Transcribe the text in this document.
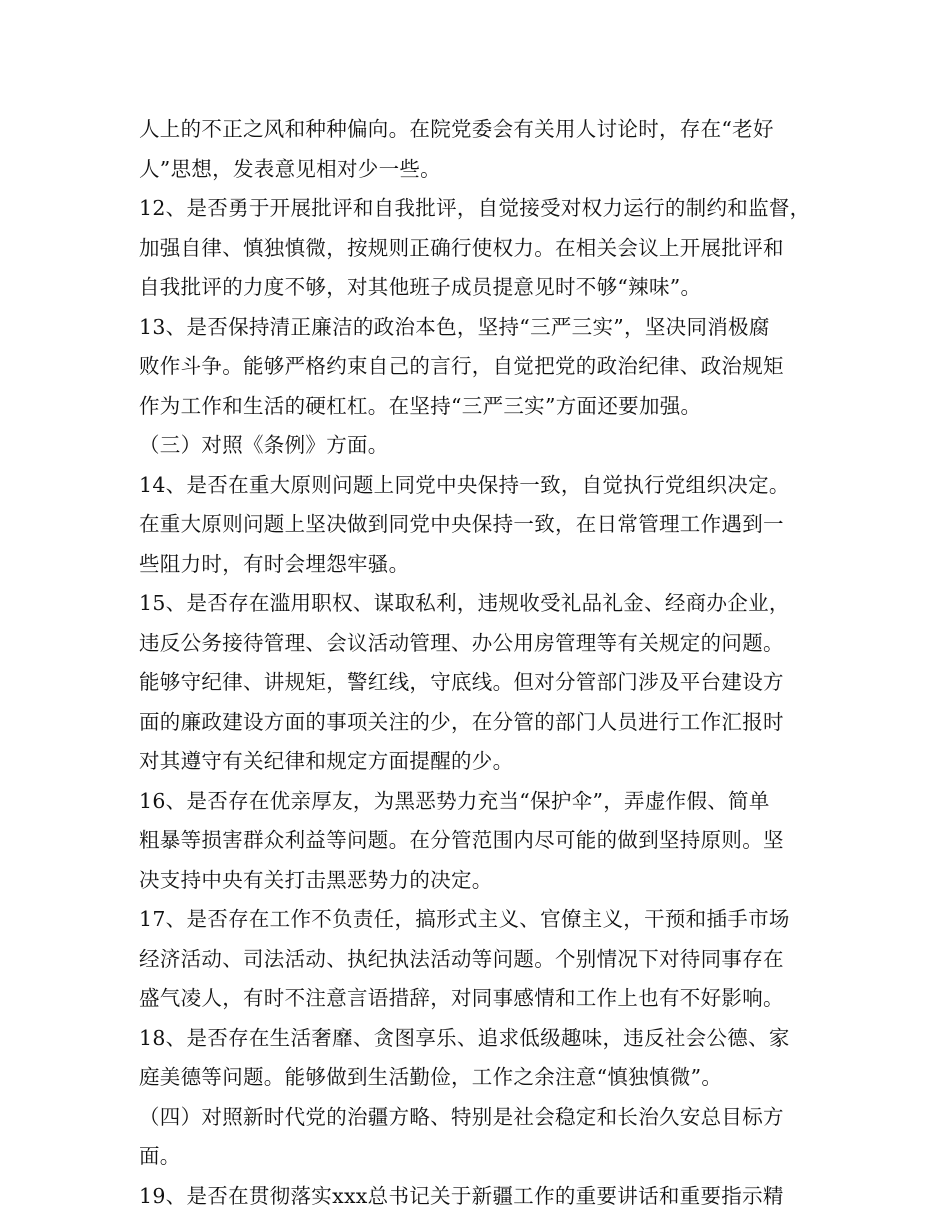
人上的不正之风和种种偏向。在院党委会有关用人讨论时，存在“老好
人”思想，发表意见相对少一些。
12、是否勇于开展批评和自我批评，自觉接受对权力运行的制约和监督，
加强自律、慎独慎微，按规则正确行使权力。在相关会议上开展批评和
自我批评的力度不够，对其他班子成员提意见时不够“辣味”。
13、是否保持清正廉洁的政治本色，坚持“三严三实”，坚决同消极腐
败作斗争。能够严格约束自己的言行，自觉把党的政治纪律、政治规矩
作为工作和生活的硬杠杠。在坚持“三严三实”方面还要加强。
（三）对照《条例》方面。
14、是否在重大原则问题上同党中央保持一致，自觉执行党组织决定。
在重大原则问题上坚决做到同党中央保持一致，在日常管理工作遇到一
些阻力时，有时会埋怨牢骚。
15、是否存在滥用职权、谋取私利，违规收受礼品礼金、经商办企业，
违反公务接待管理、会议活动管理、办公用房管理等有关规定的问题。
能够守纪律、讲规矩，警红线，守底线。但对分管部门涉及平台建设方
面的廉政建设方面的事项关注的少，在分管的部门人员进行工作汇报时
对其遵守有关纪律和规定方面提醒的少。
16、是否存在优亲厚友，为黑恶势力充当“保护伞”，弄虚作假、简单
粗暴等损害群众利益等问题。在分管范围内尽可能的做到坚持原则。坚
决支持中央有关打击黑恶势力的决定。
17、是否存在工作不负责任，搞形式主义、官僚主义，干预和插手市场
经济活动、司法活动、执纪执法活动等问题。个别情况下对待同事存在
盛气凌人，有时不注意言语措辞，对同事感情和工作上也有不好影响。
18、是否存在生活奢靡、贪图享乐、追求低级趣味，违反社会公德、家
庭美德等问题。能够做到生活勤俭，工作之余注意“慎独慎微”。
（四）对照新时代党的治疆方略、特别是社会稳定和长治久安总目标方
面。
19、是否在贯彻落实xxx总书记关于新疆工作的重要讲话和重要指示精
